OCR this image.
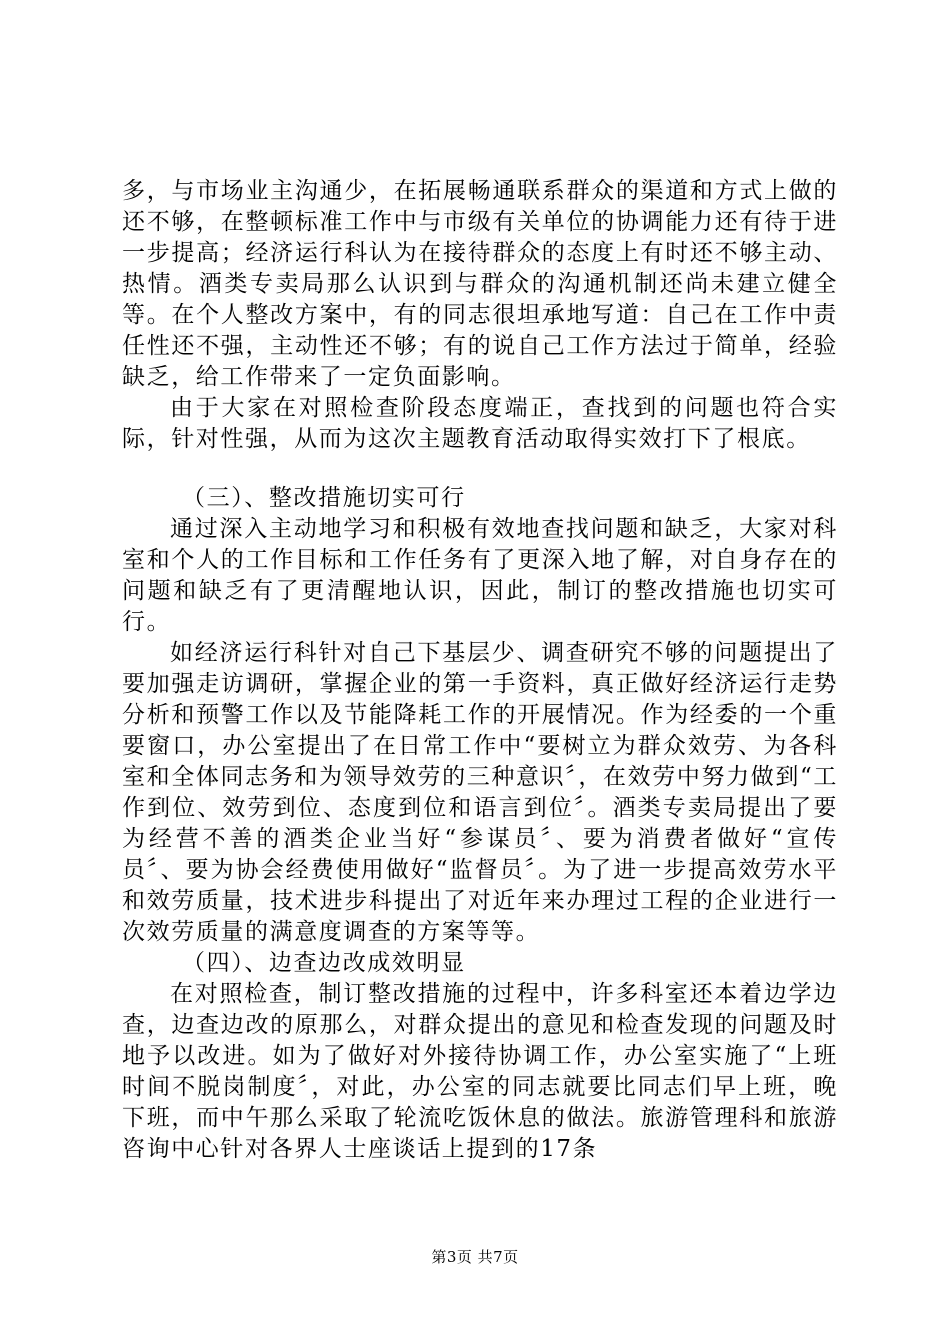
多，与市场业主沟通少，在拓展畅通联系群众的渠道和方式上做的还不够，在整顿标准工作中与市级有关单位的协调能力还有待于进一步提高；经济运行科认为在接待群众的态度上有时还不够主动、热情。酒类专卖局那么认识到与群众的沟通机制还尚未建立健全等。在个人整改方案中，有的同志很坦承地写道：自己在工作中责任性还不强，主动性还不够；有的说自己工作方法过于简单，经验缺乏，给工作带来了一定负面影响。

由于大家在对照检查阶段态度端正，查找到的问题也符合实际，针对性强，从而为这次主题教育活动取得实效打下了根底。

（三）、整改措施切实可行

通过深入主动地学习和积极有效地查找问题和缺乏，大家对科室和个人的工作目标和工作任务有了更深入地了解，对自身存在的问题和缺乏有了更清醒地认识，因此，制订的整改措施也切实可行。

如经济运行科针对自己下基层少、调查研究不够的问题提出了要加强走访调研，掌握企业的第一手资料，真正做好经济运行走势分析和预警工作以及节能降耗工作的开展情况。作为经委的一个重要窗口，办公室提出了在日常工作中“要树立为群众效劳、为各科室和全体同志务和为领导效劳的三种意识〞，在效劳中努力做到“工作到位、效劳到位、态度到位和语言到位〞。酒类专卖局提出了要为经营不善的酒类企业当好“参谋员〞、要为消费者做好“宣传员〞、要为协会经费使用做好“监督员〞。为了进一步提高效劳水平和效劳质量，技术进步科提出了对近年来办理过工程的企业进行一次效劳质量的满意度调查的方案等等。

（四）、边查边改成效明显

在对照检查，制订整改措施的过程中，许多科室还本着边学边查，边查边改的原那么，对群众提出的意见和检查发现的问题及时地予以改进。如为了做好对外接待协调工作，办公室实施了“上班时间不脱岗制度〞，对此，办公室的同志就要比同志们早上班，晚下班，而中午那么采取了轮流吃饭休息的做法。旅游管理科和旅游咨询中心针对各界人士座谈话上提到的17条

第3页 共7页
